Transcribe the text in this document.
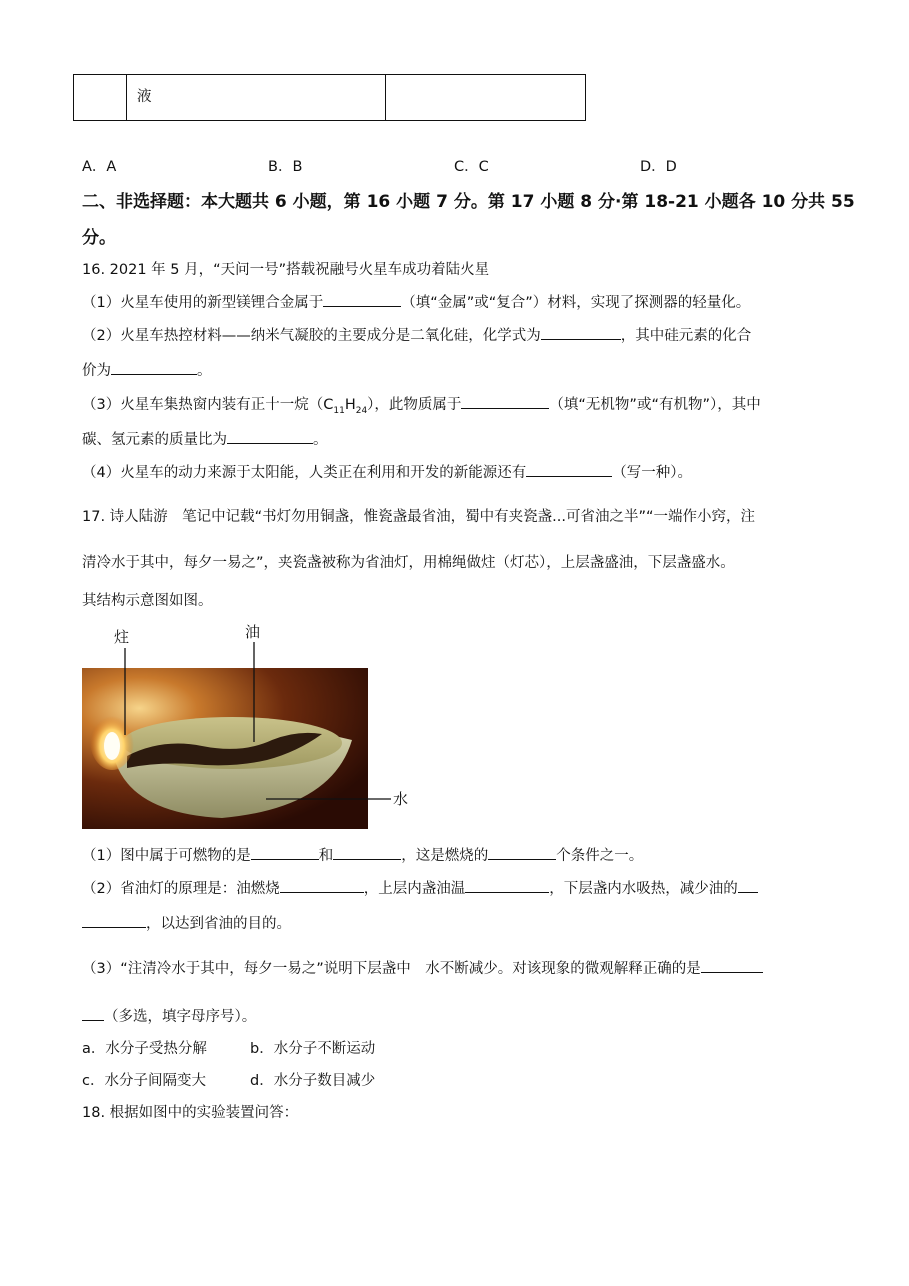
液

A．A	B．B	C．C	D．D
二、非选择题：本大题共 6 小题，第 16 小题 7 分。第 17 小题 8 分·第 18-21 小题各 10 分共 55
分。
16. 2021 年 5 月，“天问一号”搭载祝融号火星车成功着陆火星
（1）火星车使用的新型镁锂合金属于	（填“金属”或“复合”）材料，实现了探测器的轻量化。
（2）火星车热控材料——纳米气凝胶的主要成分是二氧化硅，化学式为	，其中硅元素的化合
价为	。
（3）火星车集热窗内装有正十一烷$(C_{11}H_{24})$，此物质属于	（填“无机物”或“有机物”），其中
碳、氢元素的质量比为	。
（4）火星车的动力来源于太阳能，人类正在利用和开发的新能源还有	（写一种）。
17. 诗人陆游　笔记中记载“书灯勿用铜盏，惟瓷盏最省油，蜀中有夹瓷盏...可省油之半”“一端作小窍，注
清冷水于其中，每夕一易之”，夹瓷盏被称为省油灯，用棉绳做炷（灯芯），上层盏盛油，下层盏盛水。
其结构示意图如图。
炷	油
水
（1）图中属于可燃物的是	和	，这是燃烧的	个条件之一。
（2）省油灯的原理是：油燃烧	，上层内盏油温	，下层盏内水吸热，减少油的
，以达到省油的目的。
（3）“注清冷水于其中，每夕一易之”说明下层盏中　水不断减少。对该现象的微观解释正确的是
（多选，填字母序号）。
a．水分子受热分解	b．水分子不断运动
c．水分子间隔变大	d．水分子数目减少
18. 根据如图中的实验装置问答：
